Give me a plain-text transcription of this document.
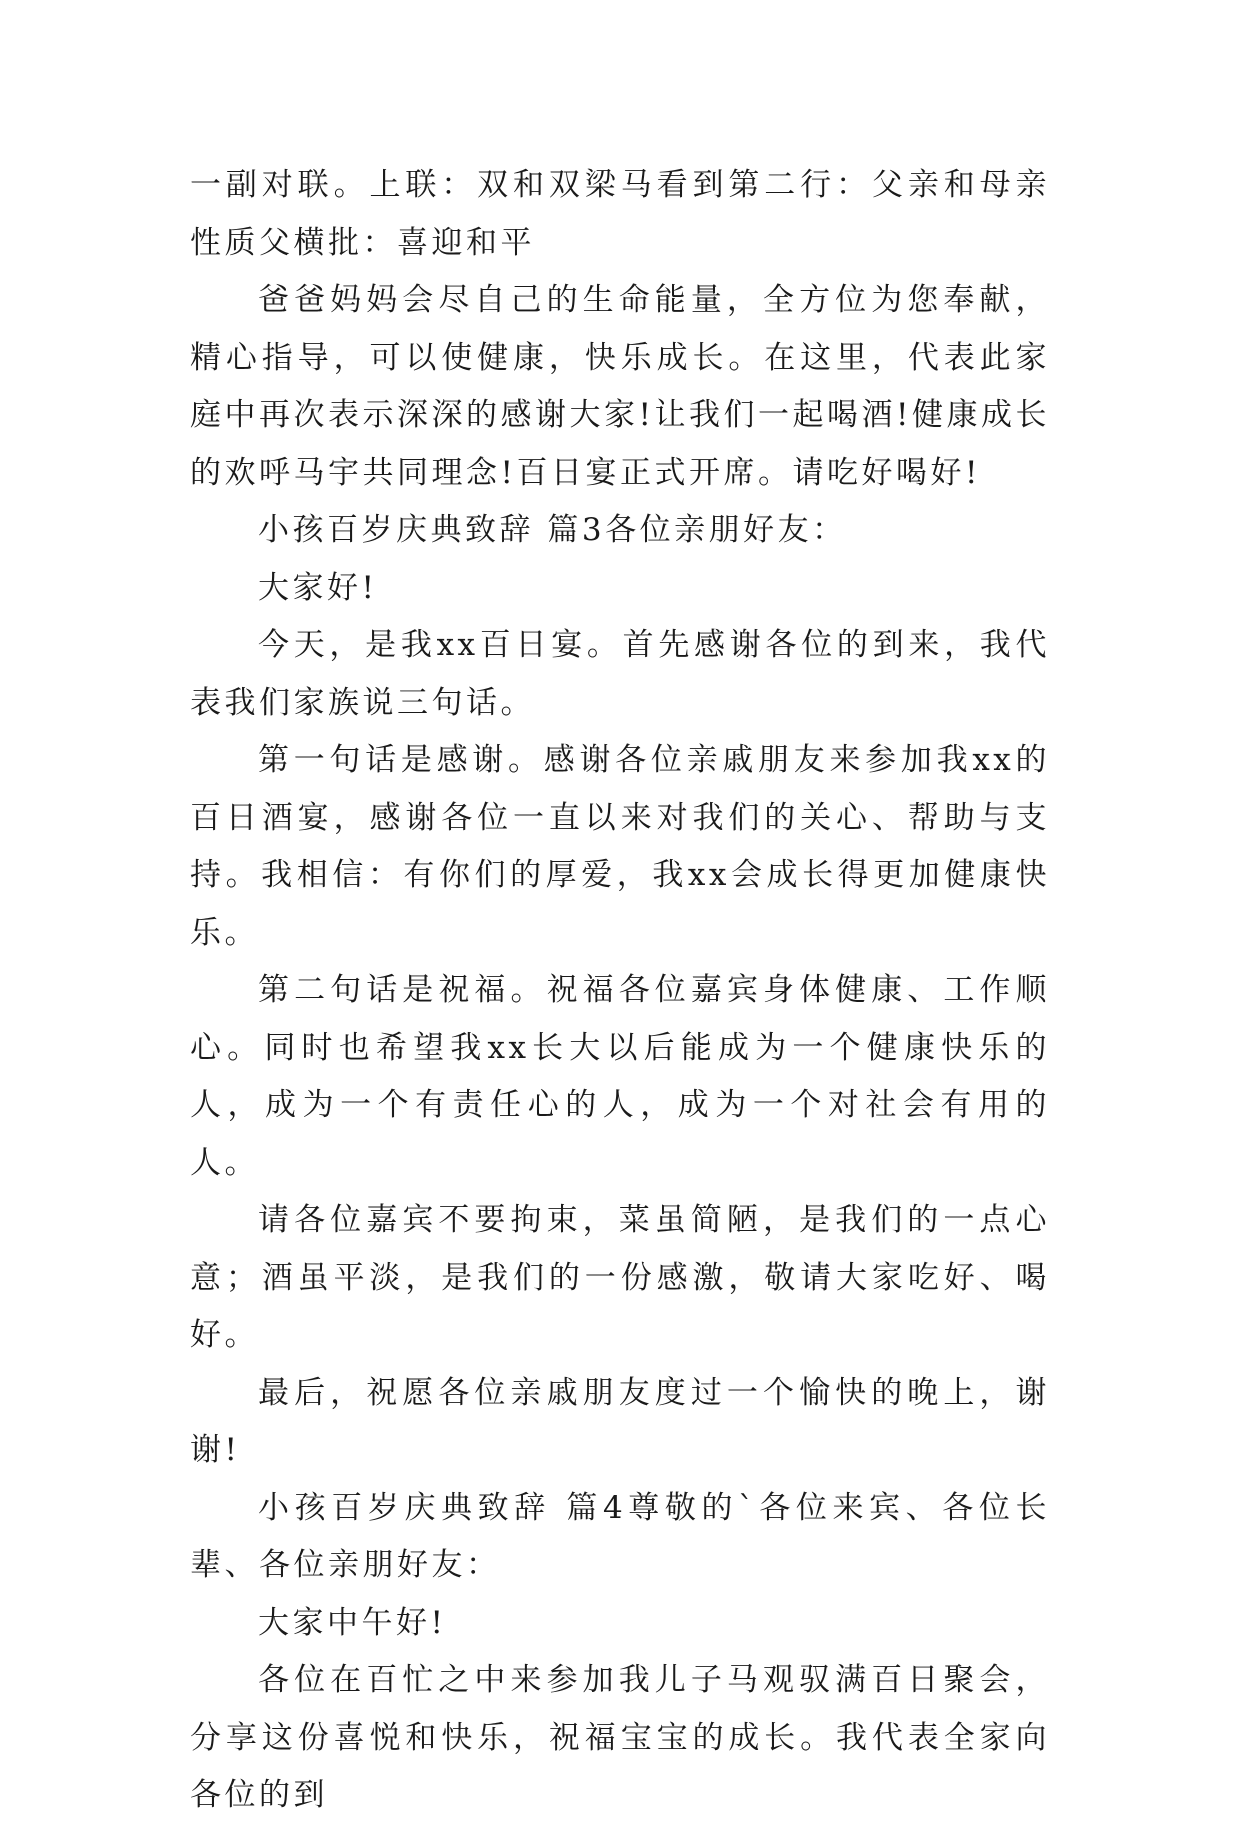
一副对联。上联：双和双梁马看到第二行：父亲和母亲性质父横批：喜迎和平

爸爸妈妈会尽自己的生命能量，全方位为您奉献，精心指导，可以使健康，快乐成长。在这里，代表此家庭中再次表示深深的感谢大家!让我们一起喝酒!健康成长的欢呼马宇共同理念!百日宴正式开席。请吃好喝好!

小孩百岁庆典致辞 篇3各位亲朋好友：

大家好!

今天，是我xx百日宴。首先感谢各位的到来，我代表我们家族说三句话。

第一句话是感谢。感谢各位亲戚朋友来参加我xx的百日酒宴，感谢各位一直以来对我们的关心、帮助与支持。我相信：有你们的厚爱，我xx会成长得更加健康快乐。

第二句话是祝福。祝福各位嘉宾身体健康、工作顺心。同时也希望我xx长大以后能成为一个健康快乐的人，成为一个有责任心的人，成为一个对社会有用的人。

请各位嘉宾不要拘束，菜虽简陋，是我们的一点心意；酒虽平淡，是我们的一份感激，敬请大家吃好、喝好。

最后，祝愿各位亲戚朋友度过一个愉快的晚上，谢谢!

小孩百岁庆典致辞 篇4尊敬的`各位来宾、各位长辈、各位亲朋好友：

大家中午好!

各位在百忙之中来参加我儿子马观驭满百日聚会，分享这份喜悦和快乐，祝福宝宝的成长。我代表全家向各位的到
